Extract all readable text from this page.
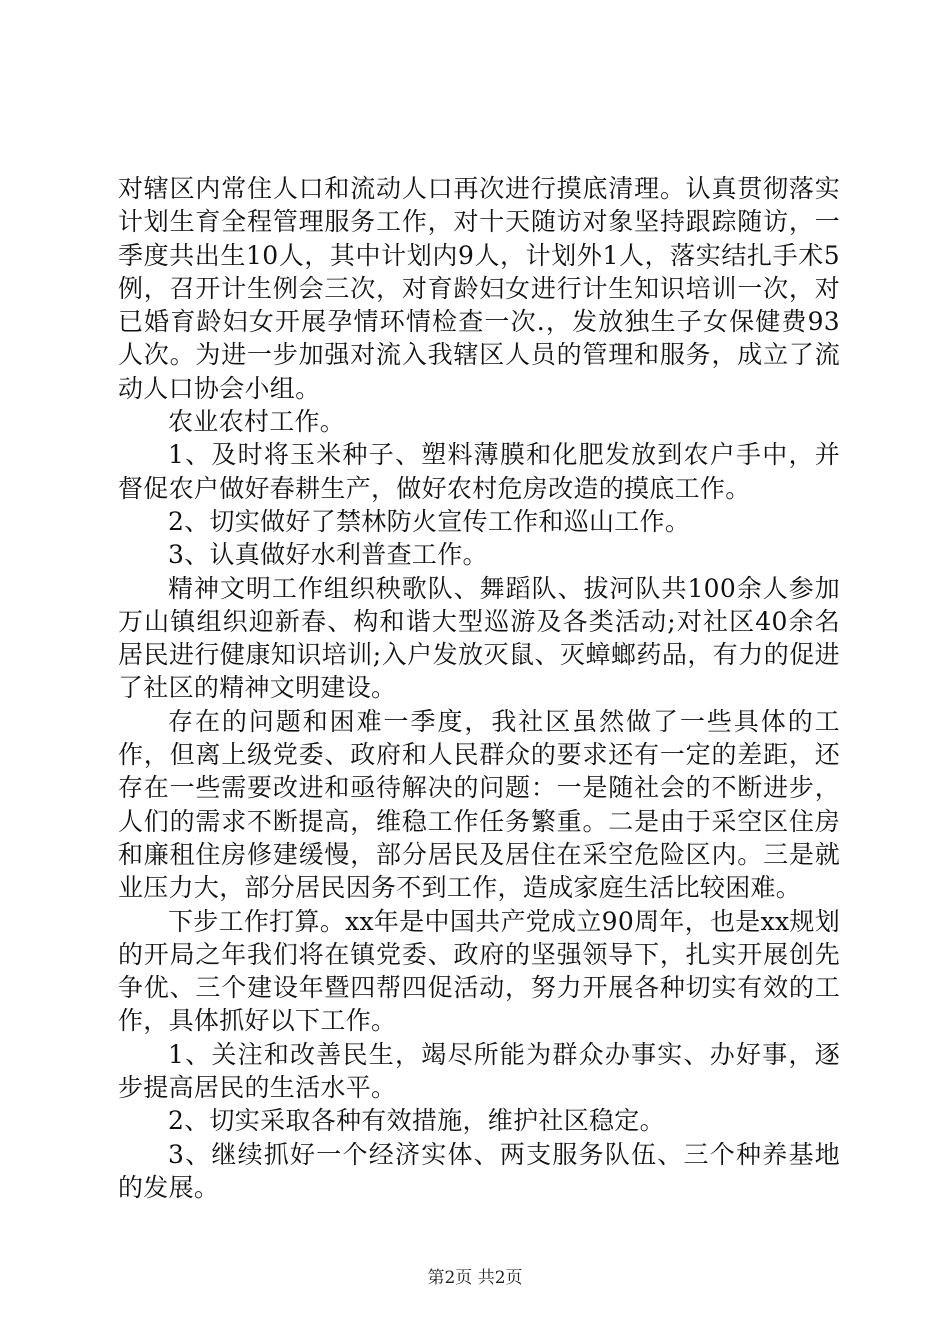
对辖区内常住人口和流动人口再次进行摸底清理。认真贯彻落实计划生育全程管理服务工作，对十天随访对象坚持跟踪随访，一季度共出生10人，其中计划内9人，计划外1人，落实结扎手术5例，召开计生例会三次，对育龄妇女进行计生知识培训一次，对已婚育龄妇女开展孕情环情检查一次.，发放独生子女保健费93人次。为进一步加强对流入我辖区人员的管理和服务，成立了流动人口协会小组。

农业农村工作。

1、及时将玉米种子、塑料薄膜和化肥发放到农户手中，并督促农户做好春耕生产，做好农村危房改造的摸底工作。

2、切实做好了禁林防火宣传工作和巡山工作。

3、认真做好水利普查工作。

精神文明工作组织秧歌队、舞蹈队、拔河队共100余人参加万山镇组织迎新春、构和谐大型巡游及各类活动;对社区40余名居民进行健康知识培训;入户发放灭鼠、灭蟑螂药品，有力的促进了社区的精神文明建设。

存在的问题和困难一季度，我社区虽然做了一些具体的工作，但离上级党委、政府和人民群众的要求还有一定的差距，还存在一些需要改进和亟待解决的问题：一是随社会的不断进步，人们的需求不断提高，维稳工作任务繁重。二是由于采空区住房和廉租住房修建缓慢，部分居民及居住在采空危险区内。三是就业压力大，部分居民因务不到工作，造成家庭生活比较困难。

下步工作打算。xx年是中国共产党成立90周年，也是xx规划的开局之年我们将在镇党委、政府的坚强领导下，扎实开展创先争优、三个建设年暨四帮四促活动，努力开展各种切实有效的工作，具体抓好以下工作。

1、关注和改善民生，竭尽所能为群众办事实、办好事，逐步提高居民的生活水平。

2、切实采取各种有效措施，维护社区稳定。

3、继续抓好一个经济实体、两支服务队伍、三个种养基地的发展。

第2页 共2页
